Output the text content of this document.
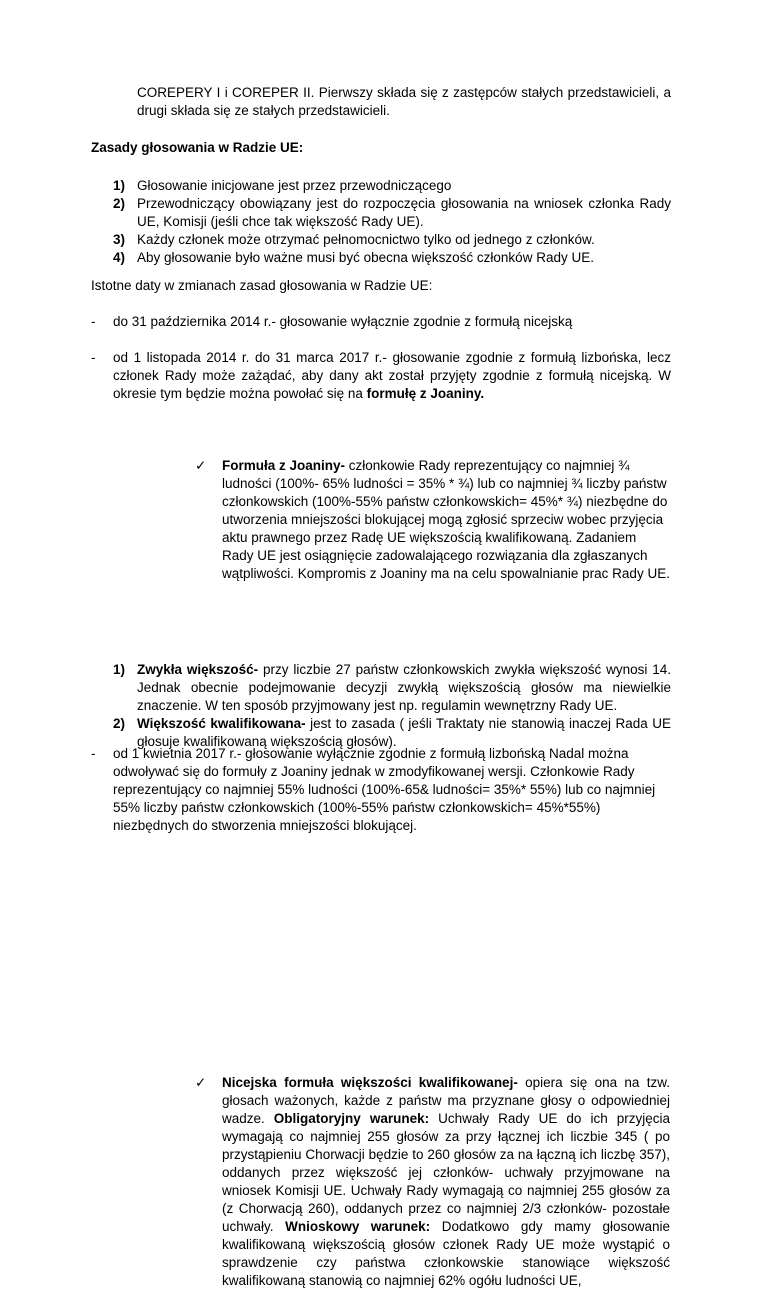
COREPERY I i COREPER II. Pierwszy składa się z zastępców stałych przedstawicieli, a drugi składa się ze stałych przedstawicieli.

Zasady głosowania w Radzie UE:

1) Głosowanie inicjowane jest przez przewodniczącego
2) Przewodniczący obowiązany jest do rozpoczęcia głosowania na wniosek członka Rady UE, Komisji (jeśli chce tak większość Rady UE).
3) Każdy członek może otrzymać pełnomocnictwo tylko od jednego z członków.
4) Aby głosowanie było ważne musi być obecna większość członków Rady UE.

Istotne daty w zmianach zasad głosowania w Radzie UE:

- do 31 października 2014 r.- głosowanie wyłącznie zgodnie z formułą nicejską
- od 1 listopada 2014 r. do 31 marca 2017 r.- głosowanie zgodnie z formułą lizbońska, lecz członek Rady może zażądać, aby dany akt został przyjęty zgodnie z formułą nicejską. W okresie tym będzie można powołać się na formułę z Joaniny.
✓ Formuła z Joaniny- członkowie Rady reprezentujący co najmniej ¾ ludności (100%- 65% ludności = 35% * ¾) lub co najmniej ¾ liczby państw członkowskich (100%-55% państw członkowskich= 45%* ¾) niezbędne do utworzenia mniejszości blokującej mogą zgłosić sprzeciw wobec przyjęcia aktu prawnego przez Radę UE większością kwalifikowaną. Zadaniem Rady UE jest osiągnięcie zadowalającego rozwiązania dla zgłaszanych wątpliwości. Kompromis z Joaniny ma na celu spowalnianie prac Rady UE.
- od 1 kwietnia 2017 r.- głosowanie wyłącznie zgodnie z formułą lizbońską Nadal można odwoływać się do formuły z Joaniny jednak w zmodyfikowanej wersji. Członkowie Rady reprezentujący co najmniej 55% ludności (100%-65& ludności= 35%* 55%) lub co najmniej 55% liczby państw członkowskich (100%-55% państw członkowskich= 45%*55%) niezbędnych do stworzenia mniejszości blokującej.
1) Zwykła większość- przy liczbie 27 państw członkowskich zwykła większość wynosi 14. Jednak obecnie podejmowanie decyzji zwykłą większością głosów ma niewielkie znaczenie. W ten sposób przyjmowany jest np. regulamin wewnętrzny Rady UE.
2) Większość kwalifikowana- jest to zasada ( jeśli Traktaty nie stanowią inaczej Rada UE głosuje kwalifikowaną większością głosów).
✓ Nicejska formuła większości kwalifikowanej- opiera się ona na tzw. głosach ważonych, każde z państw ma przyznane głosy o odpowiedniej wadze. Obligatoryjny warunek: Uchwały Rady UE do ich przyjęcia wymagają co najmniej 255 głosów za przy łącznej ich liczbie 345 ( po przystąpieniu Chorwacji będzie to 260 głosów za na łączną ich liczbę 357), oddanych przez większość jej członków- uchwały przyjmowane na wniosek Komisji UE. Uchwały Rady wymagają co najmniej 255 głosów za (z Chorwacją 260), oddanych przez co najmniej 2/3 członków- pozostałe uchwały. Wnioskowy warunek: Dodatkowo gdy mamy głosowanie kwalifikowaną większością głosów członek Rady UE może wystąpić o sprawdzenie czy państwa członkowskie stanowiące większość kwalifikowaną stanowią co najmniej 62% ogółu ludności UE,
